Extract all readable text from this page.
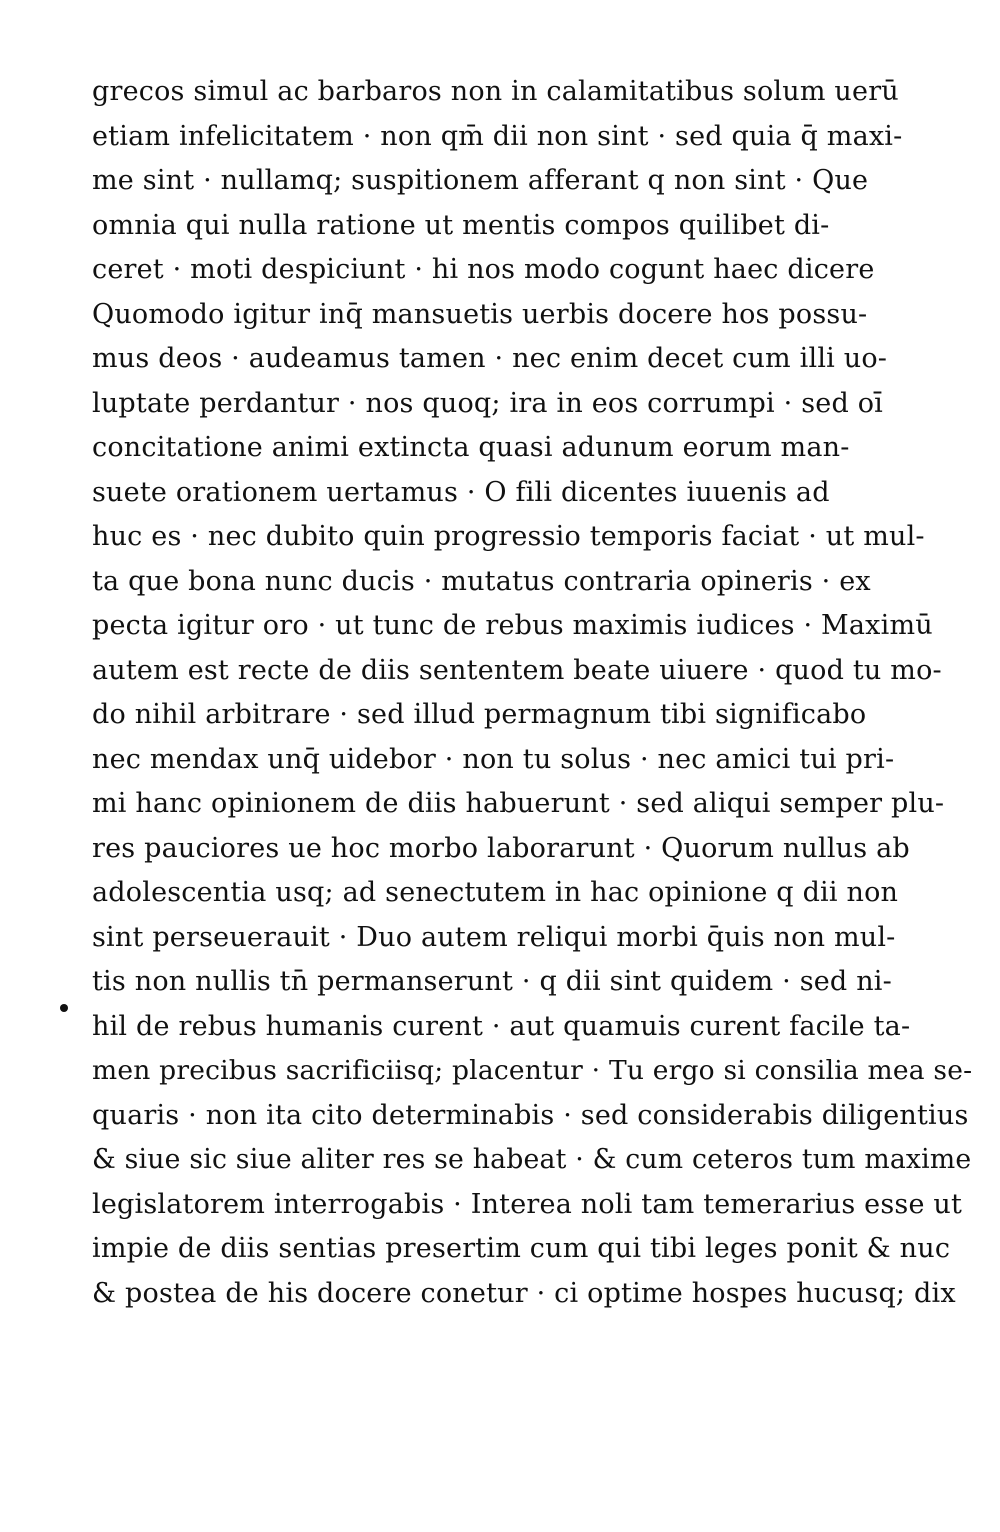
grecos simul ac barbaros non in calamitatibus solum uerū
etiam infelicitatem · non qm̄ dii non sint · sed quia q̄ maxi-
me sint · nullamq; suspitionem afferant q non sint · Que
omnia qui nulla ratione ut mentis compos quilibet di-
ceret · moti despiciunt · hi nos modo cogunt haec dicere
Quomodo igitur inq̄ mansuetis uerbis docere hos possu-
mus deos · audeamus tamen · nec enim decet cum illi uo-
luptate perdantur · nos quoq; ira in eos corrumpi · sed oī
concitatione animi extincta quasi adunum eorum man-
suete orationem uertamus · O fili dicentes iuuenis ad
huc es · nec dubito quin progressio temporis faciat · ut mul-
ta que bona nunc ducis · mutatus contraria opineris · ex
pecta igitur oro · ut tunc de rebus maximis iudices · Maximū
autem est recte de diis sententem beate uiuere · quod tu mo-
do nihil arbitrare · sed illud permagnum tibi significabo
nec mendax unq̄ uidebor · non tu solus · nec amici tui pri-
mi hanc opinionem de diis habuerunt · sed aliqui semper plu-
res pauciores ue hoc morbo laborarunt · Quorum nullus ab
adolescentia usq; ad senectutem in hac opinione q dii non
sint perseuerauit · Duo autem reliqui morbi q̄uis non mul-
tis non nullis tn̄ permanserunt · q dii sint quidem · sed ni-
hil de rebus humanis curent · aut quamuis curent facile ta-
men precibus sacrificiisq; placentur · Tu ergo si consilia mea se-
quaris · non ita cito determinabis · sed considerabis diligentius
& siue sic siue aliter res se habeat · & cum ceteros tum maxime
legislatorem interrogabis · Interea noli tam temerarius esse ut
impie de diis sentias presertim cum qui tibi leges ponit & nuc
& postea de his docere conetur · ci optime hospes hucusq; dix
